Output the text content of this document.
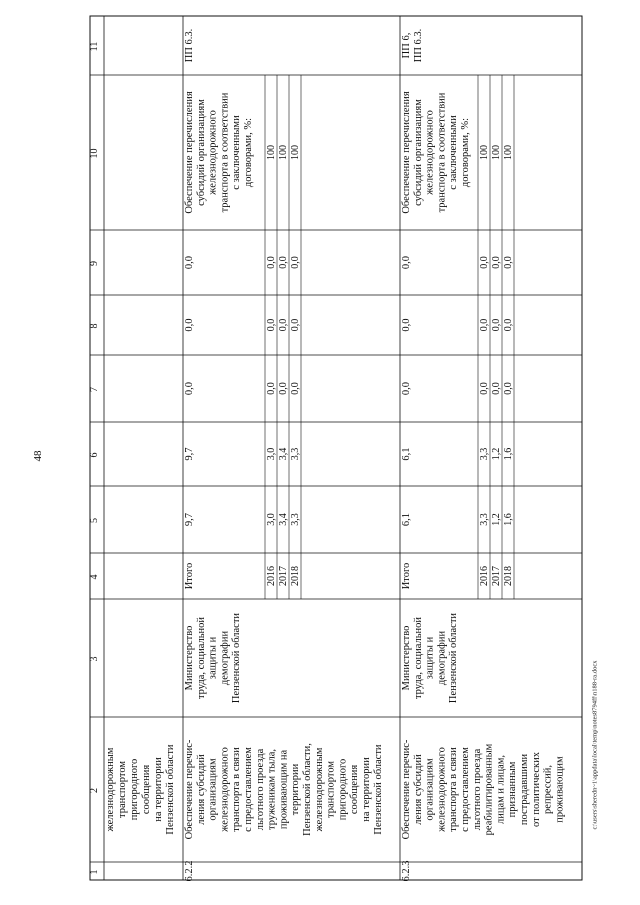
48
c:\users\sheredn~1\appdata\local\temp\notes8794ff\n188-ra.docx
1
2
3
4
5
6
7
8
9
10
11
железнодорожным транспортом пригородного сообщения на территории Пензенской области
6.2.2
Обеспечение перечис- ления субсидий организациям железнодорожного транспорта в связи с предоставлением льготного проезда труженикам тыла, проживающим на территории Пензенской области, железнодорожным транспортом пригородного сообщения на территории Пензенской области
Министерство труда, социальной защиты и демографии Пензенской области
Итого
9,7
9,7
0,0
0,0
0,0
Обеспечение перечисления субсидий организациям железнодорожного транспорта в соответствии с заключенными договорами, %:
ПП 6.3.
2016
3,0
3,0
0,0
0,0
0,0
100
2017
3,4
3,4
0,0
0,0
0,0
100
2018
3,3
3,3
0,0
0,0
0,0
100
6.2.3
Обеспечение перечис- ления субсидий организациям железнодорожного транспорта в связи с предоставлением льготного проезда реабилитированным лицам и лицам, признанным пострадавшими от политических репрессий, проживающим
Министерство труда, социальной защиты и демографии Пензенской области
Итого
6,1
6,1
0,0
0,0
0,0
Обеспечение перечисления субсидий организациям железнодорожного транспорта в соответствии с заключенными договорами, %:
ПП 6, ПП 6.3.
2016
3,3
3,3
0,0
0,0
0,0
100
2017
1,2
1,2
0,0
0,0
0,0
100
2018
1,6
1,6
0,0
0,0
0,0
100
